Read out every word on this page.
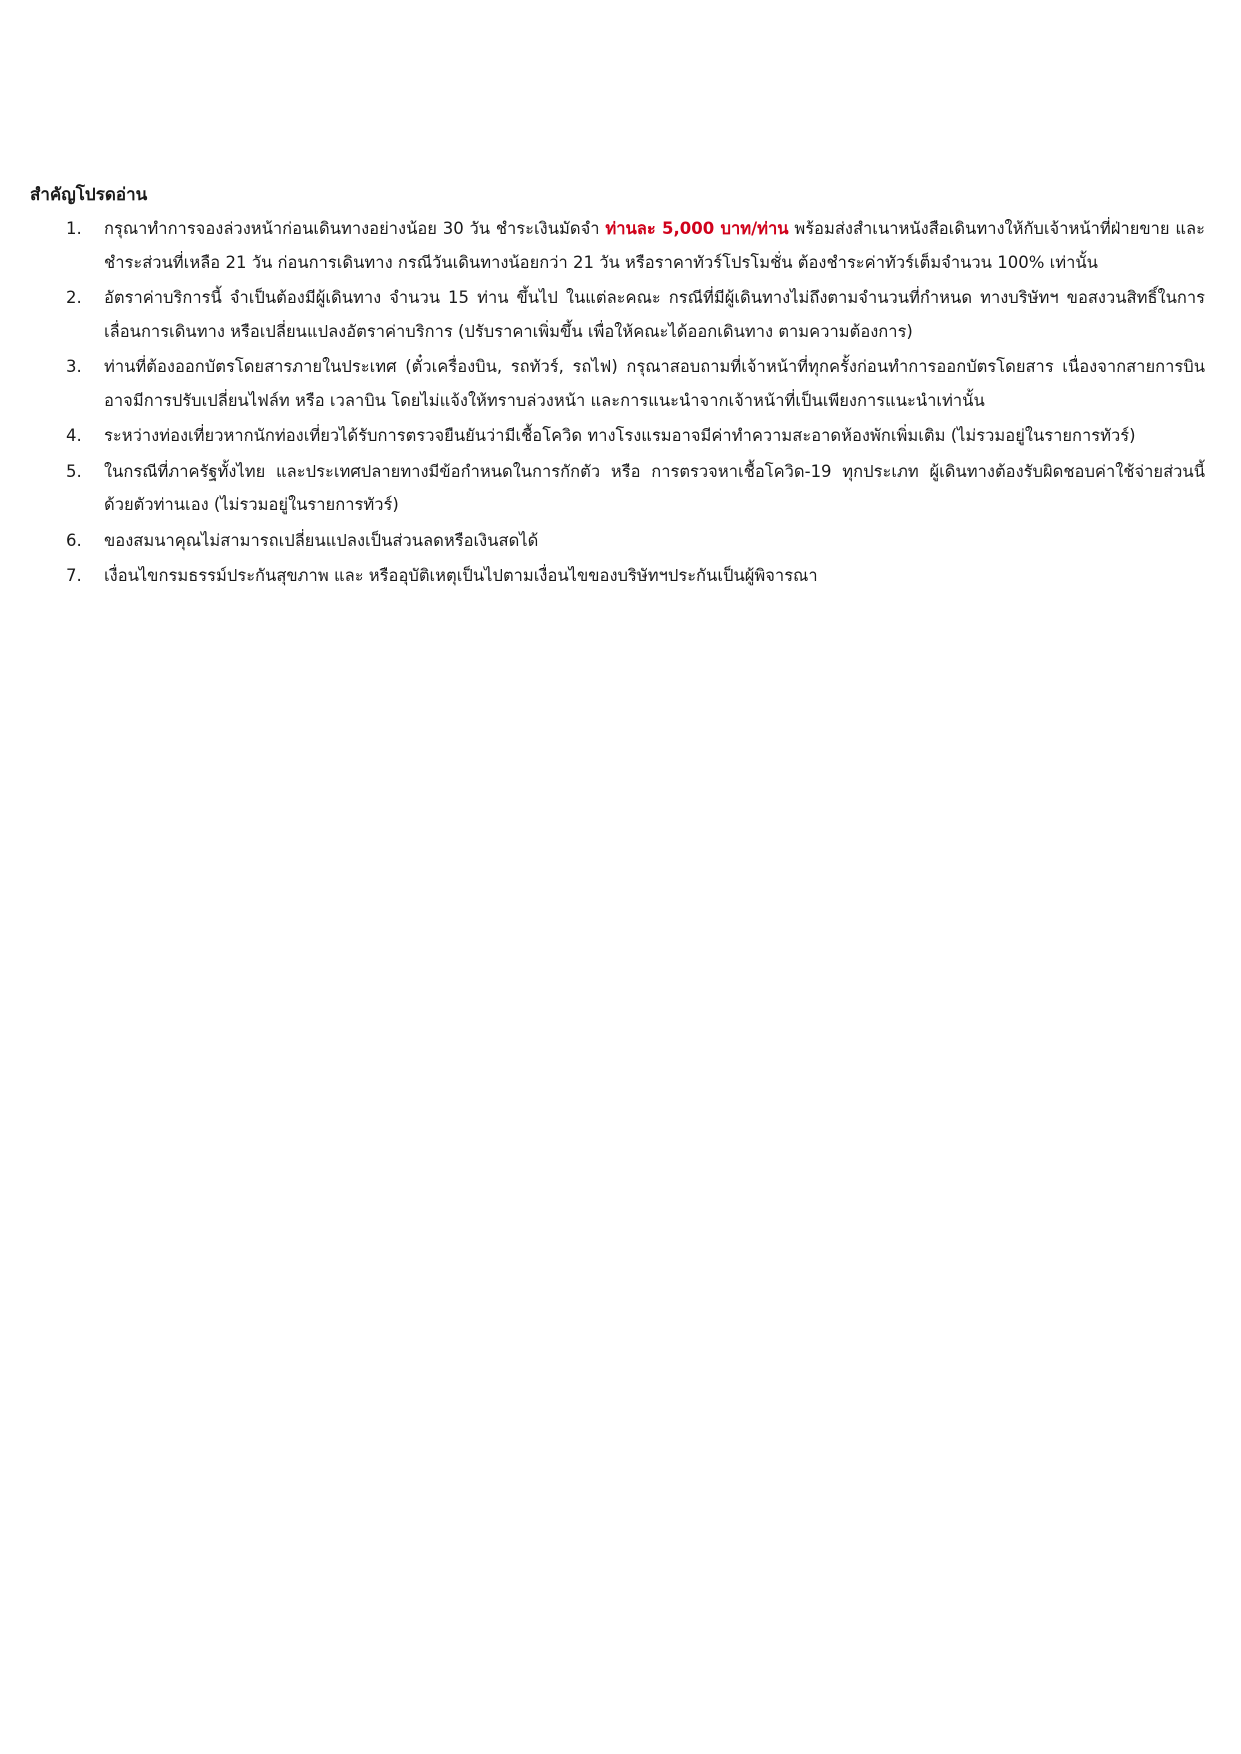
สำคัญโปรดอ่าน
1. กรุณาทำการจองล่วงหน้าก่อนเดินทางอย่างน้อย 30 วัน ชำระเงินมัดจำ ท่านละ 5,000 บาท/ท่าน พร้อมส่งสำเนาหนังสือเดินทางให้กับเจ้าหน้าที่ฝ่ายขาย และชำระส่วนที่เหลือ 21 วัน ก่อนการเดินทาง กรณีวันเดินทางน้อยกว่า 21 วัน หรือราคาทัวร์โปรโมชั่น ต้องชำระค่าทัวร์เต็มจำนวน 100% เท่านั้น
2. อัตราค่าบริการนี้ จำเป็นต้องมีผู้เดินทาง จำนวน 15 ท่าน ขึ้นไป ในแต่ละคณะ กรณีที่มีผู้เดินทางไม่ถึงตามจำนวนที่กำหนด ทางบริษัทฯ ขอสงวนสิทธิ์ในการเลื่อนการเดินทาง หรือเปลี่ยนแปลงอัตราค่าบริการ (ปรับราคาเพิ่มขึ้น เพื่อให้คณะได้ออกเดินทาง ตามความต้องการ)
3. ท่านที่ต้องออกบัตรโดยสารภายในประเทศ (ตั๋วเครื่องบิน, รถทัวร์, รถไฟ) กรุณาสอบถามที่เจ้าหน้าที่ทุกครั้งก่อนทำการออกบัตรโดยสาร เนื่องจากสายการบินอาจมีการปรับเปลี่ยนไฟล์ท หรือ เวลาบิน โดยไม่แจ้งให้ทราบล่วงหน้า และการแนะนำจากเจ้าหน้าที่เป็นเพียงการแนะนำเท่านั้น
4. ระหว่างท่องเที่ยวหากนักท่องเที่ยวได้รับการตรวจยืนยันว่ามีเชื้อโควิด ทางโรงแรมอาจมีค่าทำความสะอาดห้องพักเพิ่มเติม (ไม่รวมอยู่ในรายการทัวร์)
5. ในกรณีที่ภาครัฐทั้งไทย และประเทศปลายทางมีข้อกำหนดในการกักตัว หรือ การตรวจหาเชื้อโควิด-19 ทุกประเภท ผู้เดินทางต้องรับผิดชอบค่าใช้จ่ายส่วนนี้ด้วยตัวท่านเอง (ไม่รวมอยู่ในรายการทัวร์)
6. ของสมนาคุณไม่สามารถเปลี่ยนแปลงเป็นส่วนลดหรือเงินสดได้
7. เงื่อนไขกรมธรรม์ประกันสุขภาพ และ หรืออุบัติเหตุเป็นไปตามเงื่อนไขของบริษัทฯประกันเป็นผู้พิจารณา
